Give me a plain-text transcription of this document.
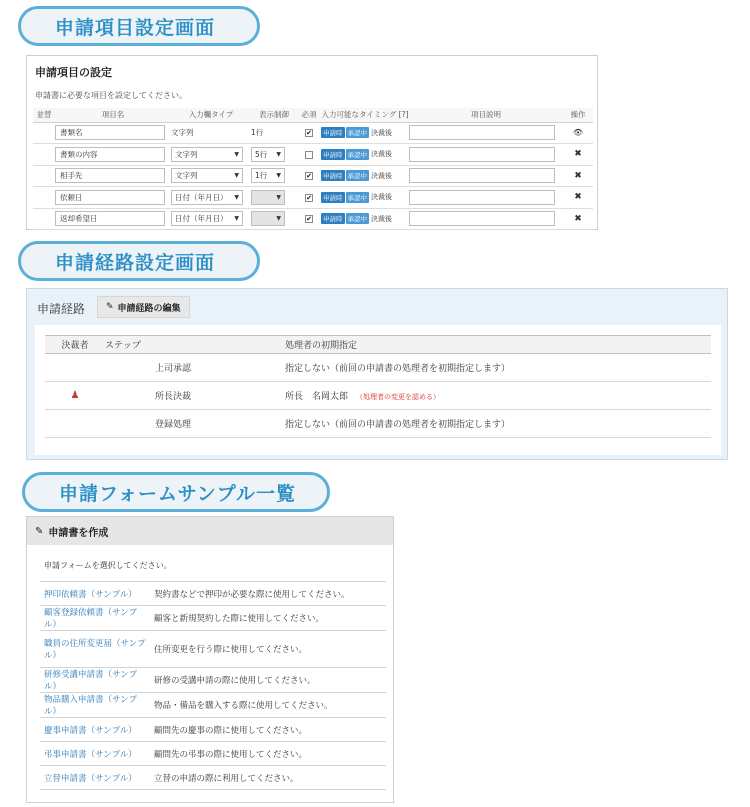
申請項目設定画面
申請経路設定画面
申請フォームサンプル一覧
申請項目の設定
申請書に必要な項目を設定してください。
並替	項目名	入力欄タイプ	表示制御	必須	入力可能なタイミング [?]	項目説明	操作
	書類名	文字列	1行	✔	申請時 承認中 決裁後		👁
	書類の内容	文字列 ▼	5行 ▼		申請時 承認中 決裁後		✖
	相手先	文字列 ▼	1行 ▼	✔	申請時 承認中 決裁後		✖
	依頼日	日付（年月日） ▼	▼	✔	申請時 承認中 決裁後		✖
	返却希望日	日付（年月日） ▼	▼	✔	申請時 承認中 決裁後		✖
申請経路 ✎ 申請経路の編集
決裁者	ステップ	処理者の初期指定
	上司承認	指定しない（前回の申請書の処理者を初期指定します）
♟	所長決裁	所長　名岡太郎 （処理者の変更を認める）
	登録処理	指定しない（前回の申請書の処理者を初期指定します）
✎ 申請書を作成
申請フォームを選択してください。
押印依頼書（サンプル）	契約書などで押印が必要な際に使用してください。
顧客登録依頼書（サンプル）	顧客と新規契約した際に使用してください。
職員の住所変更届（サンプル）	住所変更を行う際に使用してください。
研修受講申請書（サンプル）	研修の受講申請の際に使用してください。
物品購入申請書（サンプル）	物品・備品を購入する際に使用してください。
慶事申請書（サンプル）	顧問先の慶事の際に使用してください。
弔事申請書（サンプル）	顧問先の弔事の際に使用してください。
立替申請書（サンプル）	立替の申請の際に利用してください。
